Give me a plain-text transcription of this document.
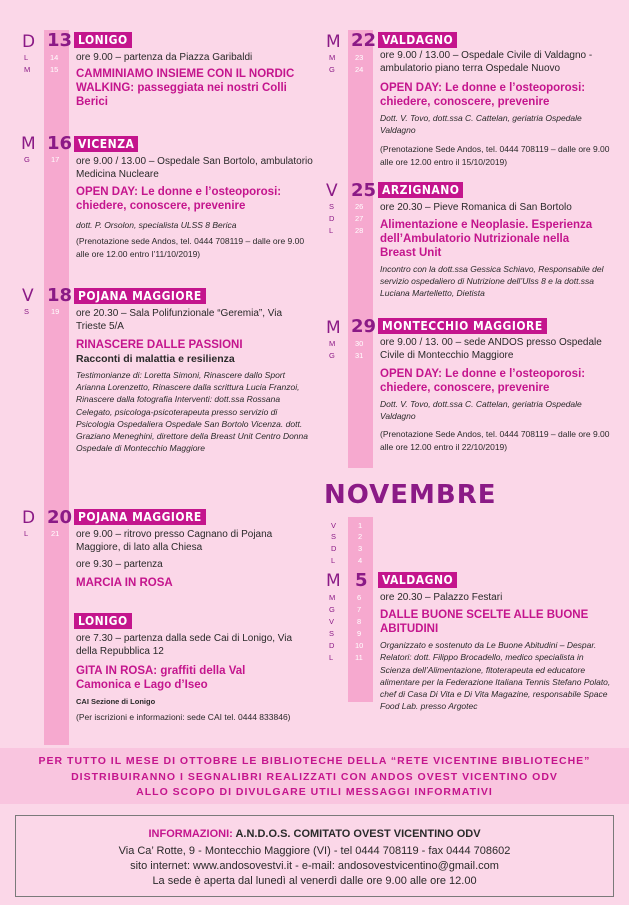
D
L
M
13
14
15
LONIGO
ore 9.00 – partenza da Piazza Garibaldi
CAMMINIAMO INSIEME CON IL NORDIC WALKING: passeggiata nei nostri Colli Berici
M
G
16
17
VICENZA
ore 9.00 / 13.00 – Ospedale San Bortolo, ambulatorio Medicina Nucleare
OPEN DAY: Le donne e l’osteoporosi: chiedere, conoscere, prevenire
dott. P. Orsolon, specialista ULSS 8 Berica
(Prenotazione sede Andos, tel. 0444 708119 – dalle ore 9.00 alle ore 12.00 entro l’11/10/2019)
V
S
18
19
POJANA MAGGIORE
ore 20.30 – Sala Polifunzionale “Geremia”, Via Trieste 5/A
RINASCERE DALLE PASSIONI
Racconti di malattia e resilienza
Testimonianze di: Loretta Simoni, Rinascere dallo Sport Arianna Lorenzetto, Rinascere dalla scrittura Lucia Franzoi, Rinascere dalla fotografia Interventi: dott.ssa Rossana Celegato, psicologa-psicoterapeuta presso servizio di Psicologia Ospedaliera Ospedale San Bortolo Vicenza. dott. Graziano Meneghini, direttore della Breast Unit Centro Donna Ospedale di Montecchio Maggiore
D
L
20
21
POJANA MAGGIORE
ore 9.00 – ritrovo presso Cagnano di Pojana Maggiore, di lato alla Chiesa
ore 9.30 – partenza
MARCIA IN ROSA
LONIGO
ore 7.30 – partenza dalla sede Cai di Lonigo, Via della Repubblica 12
GITA IN ROSA: graffiti della Val Camonica e Lago d’Iseo
CAI Sezione di Lonigo
(Per iscrizioni e informazioni: sede CAI tel. 0444 833846)
M
M
G
22
23
24
VALDAGNO
ore 9.00 / 13.00 – Ospedale Civile di Valdagno - ambulatorio piano terra Ospedale Nuovo
OPEN DAY: Le donne e l’osteoporosi: chiedere, conoscere, prevenire
Dott. V. Tovo, dott.ssa C. Cattelan, geriatria Ospedale Valdagno
(Prenotazione Sede Andos, tel. 0444 708119 – dalle ore 9.00 alle ore 12.00 entro il 15/10/2019)
V
S
D
L
25
26
27
28
ARZIGNANO
ore 20.30 – Pieve Romanica di San Bortolo
Alimentazione e Neoplasie. Esperienza dell’Ambulatorio Nutrizionale nella Breast Unit
Incontro con la dott.ssa Gessica Schiavo, Responsabile del servizio ospedaliero di Nutrizione dell’Ulss 8 e la dott.ssa Luciana Martelletto, Dietista
M
M
G
29
30
31
MONTECCHIO MAGGIORE
ore 9.00 / 13. 00 – sede ANDOS presso Ospedale Civile di Montecchio Maggiore
OPEN DAY: Le donne e l’osteoporosi: chiedere, conoscere, prevenire
Dott. V. Tovo, dott.ssa C. Cattelan, geriatria Ospedale Valdagno
(Prenotazione Sede Andos, tel. 0444 708119 – dalle ore 9.00 alle ore 12.00 entro il 22/10/2019)
NOVEMBRE
V
S
D
L
1
2
3
4
M 5
M
G
V
S
D
L
6
7
8
9
10
11
VALDAGNO
ore 20.30 – Palazzo Festari
DALLE BUONE SCELTE ALLE BUONE ABITUDINI
Organizzato e sostenuto da Le Buone Abitudini – Despar. Relatori: dott. Filippo Brocadello, medico specialista in Scienza dell’Alimentazione, fitoterapeuta ed educatore alimentare per la Federazione Italiana Tennis Stefano Polato, chef di Casa Di Vita e Di Vita Magazine, responsabile Space Food Lab. presso Argotec
PER TUTTO IL MESE DI OTTOBRE LE BIBLIOTECHE DELLA “RETE VICENTINE BIBLIOTECHE”
DISTRIBUIRANNO I SEGNALIBRI REALIZZATI CON ANDOS OVEST VICENTINO ODV
ALLO SCOPO DI DIVULGARE UTILI MESSAGGI INFORMATIVI
INFORMAZIONI: A.N.D.O.S. COMITATO OVEST VICENTINO ODV
Via Ca’ Rotte, 9 - Montecchio Maggiore (VI) - tel 0444 708119 - fax 0444 708602
sito internet: www.andosovestvi.it - e-mail: andosovestvicentino@gmail.com
La sede è aperta dal lunedì al venerdì dalle ore 9.00 alle ore 12.00
